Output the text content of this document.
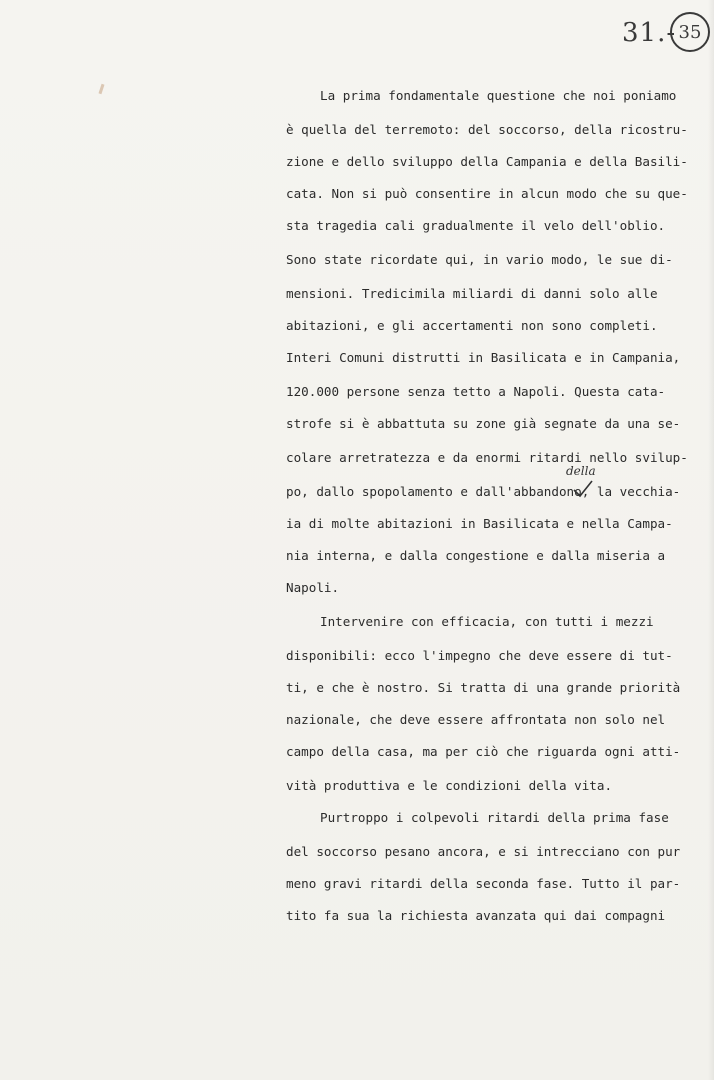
31.- 35
La prima fondamentale questione che noi poniamo
è quella del terremoto: del soccorso, della ricostru-
zione e dello sviluppo della Campania e della Basili-
cata. Non si può consentire in alcun modo che su que-
sta tragedia cali gradualmente il velo dell'oblio.
Sono state ricordate qui, in vario modo, le sue di-
mensioni. Tredicimila miliardi di danni solo alle
abitazioni, e gli accertamenti non sono completi.
Interi Comuni distrutti in Basilicata e in Campania,
120.000 persone senza tetto a Napoli. Questa cata-
strofe si è abbattuta su zone già segnate da una se-
colare arretratezza e da enormi ritardi nello svilup-
po, dallo spopolamento e dall'abbandono, la vecchia-
ia di molte abitazioni in Basilicata e nella Campa-
nia interna, e dalla congestione e dalla miseria a
Napoli.
Intervenire con efficacia, con tutti i mezzi
disponibili: ecco l'impegno che deve essere di tut-
ti, e che è nostro. Si tratta di una grande priorità
nazionale, che deve essere affrontata non solo nel
campo della casa, ma per ciò che riguarda ogni atti-
vità produttiva e le condizioni della vita.
Purtroppo i colpevoli ritardi della prima fase
del soccorso pesano ancora, e si intrecciano con pur
meno gravi ritardi della seconda fase. Tutto il par-
tito fa sua la richiesta avanzata qui dai compagni
della
